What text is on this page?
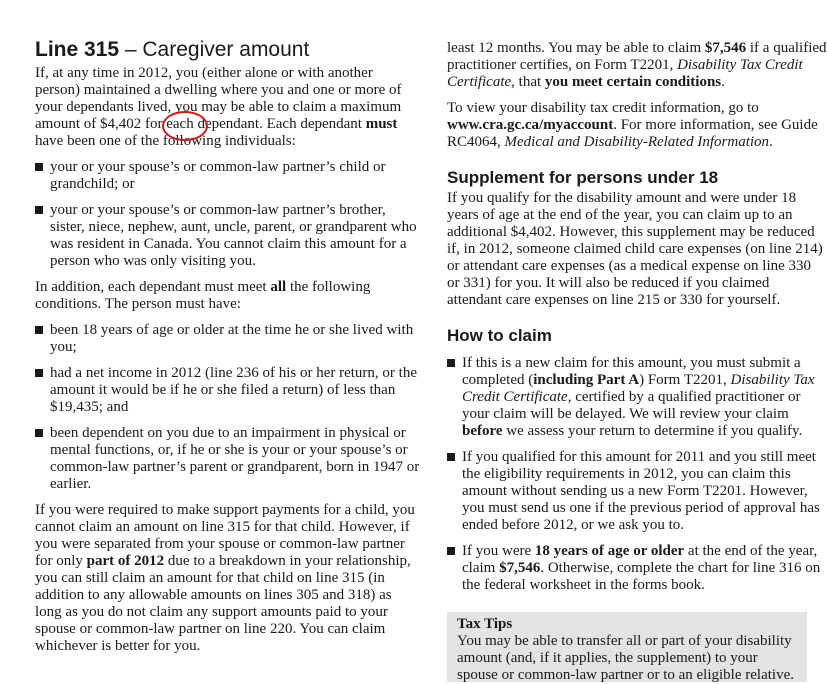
Line 315 – Caregiver amount

If, at any time in 2012, you (either alone or with another person) maintained a dwelling where you and one or more of your dependants lived, you may be able to claim a maximum amount of $4,402 for each dependant. Each dependant must have been one of the following individuals:

your or your spouse’s or common-law partner’s child or grandchild; or
your or your spouse’s or common-law partner’s brother, sister, niece, nephew, aunt, uncle, parent, or grandparent who was resident in Canada. You cannot claim this amount for a person who was only visiting you.

In addition, each dependant must meet all the following conditions. The person must have:

been 18 years of age or older at the time he or she lived with you;
had a net income in 2012 (line 236 of his or her return, or the amount it would be if he or she filed a return) of less than $19,435; and
been dependent on you due to an impairment in physical or mental functions, or, if he or she is your or your spouse’s or common-law partner’s parent or grandparent, born in 1947 or earlier.

If you were required to make support payments for a child, you cannot claim an amount on line 315 for that child. However, if you were separated from your spouse or common-law partner for only part of 2012 due to a breakdown in your relationship, you can still claim an amount for that child on line 315 (in addition to any allowable amounts on lines 305 and 318) as long as you do not claim any support amounts paid to your spouse or common-law partner on line 220. You can claim whichever is better for you.

least 12 months. You may be able to claim $7,546 if a qualified practitioner certifies, on Form T2201, Disability Tax Credit Certificate, that you meet certain conditions.

To view your disability tax credit information, go to www.cra.gc.ca/myaccount. For more information, see Guide RC4064, Medical and Disability-Related Information.

Supplement for persons under 18

If you qualify for the disability amount and were under 18 years of age at the end of the year, you can claim up to an additional $4,402. However, this supplement may be reduced if, in 2012, someone claimed child care expenses (on line 214) or attendant care expenses (as a medical expense on line 330 or 331) for you. It will also be reduced if you claimed attendant care expenses on line 215 or 330 for yourself.

How to claim
If this is a new claim for this amount, you must submit a completed (including Part A) Form T2201, Disability Tax Credit Certificate, certified by a qualified practitioner or your claim will be delayed. We will review your claim before we assess your return to determine if you qualify.
If you qualified for this amount for 2011 and you still meet the eligibility requirements in 2012, you can claim this amount without sending us a new Form T2201. However, you must send us one if the previous period of approval has ended before 2012, or we ask you to.
If you were 18 years of age or older at the end of the year, claim $7,546. Otherwise, complete the chart for line 316 on the federal worksheet in the forms book.
Tax Tips
You may be able to transfer all or part of your disability amount (and, if it applies, the supplement) to your spouse or common-law partner or to an eligible relative.
